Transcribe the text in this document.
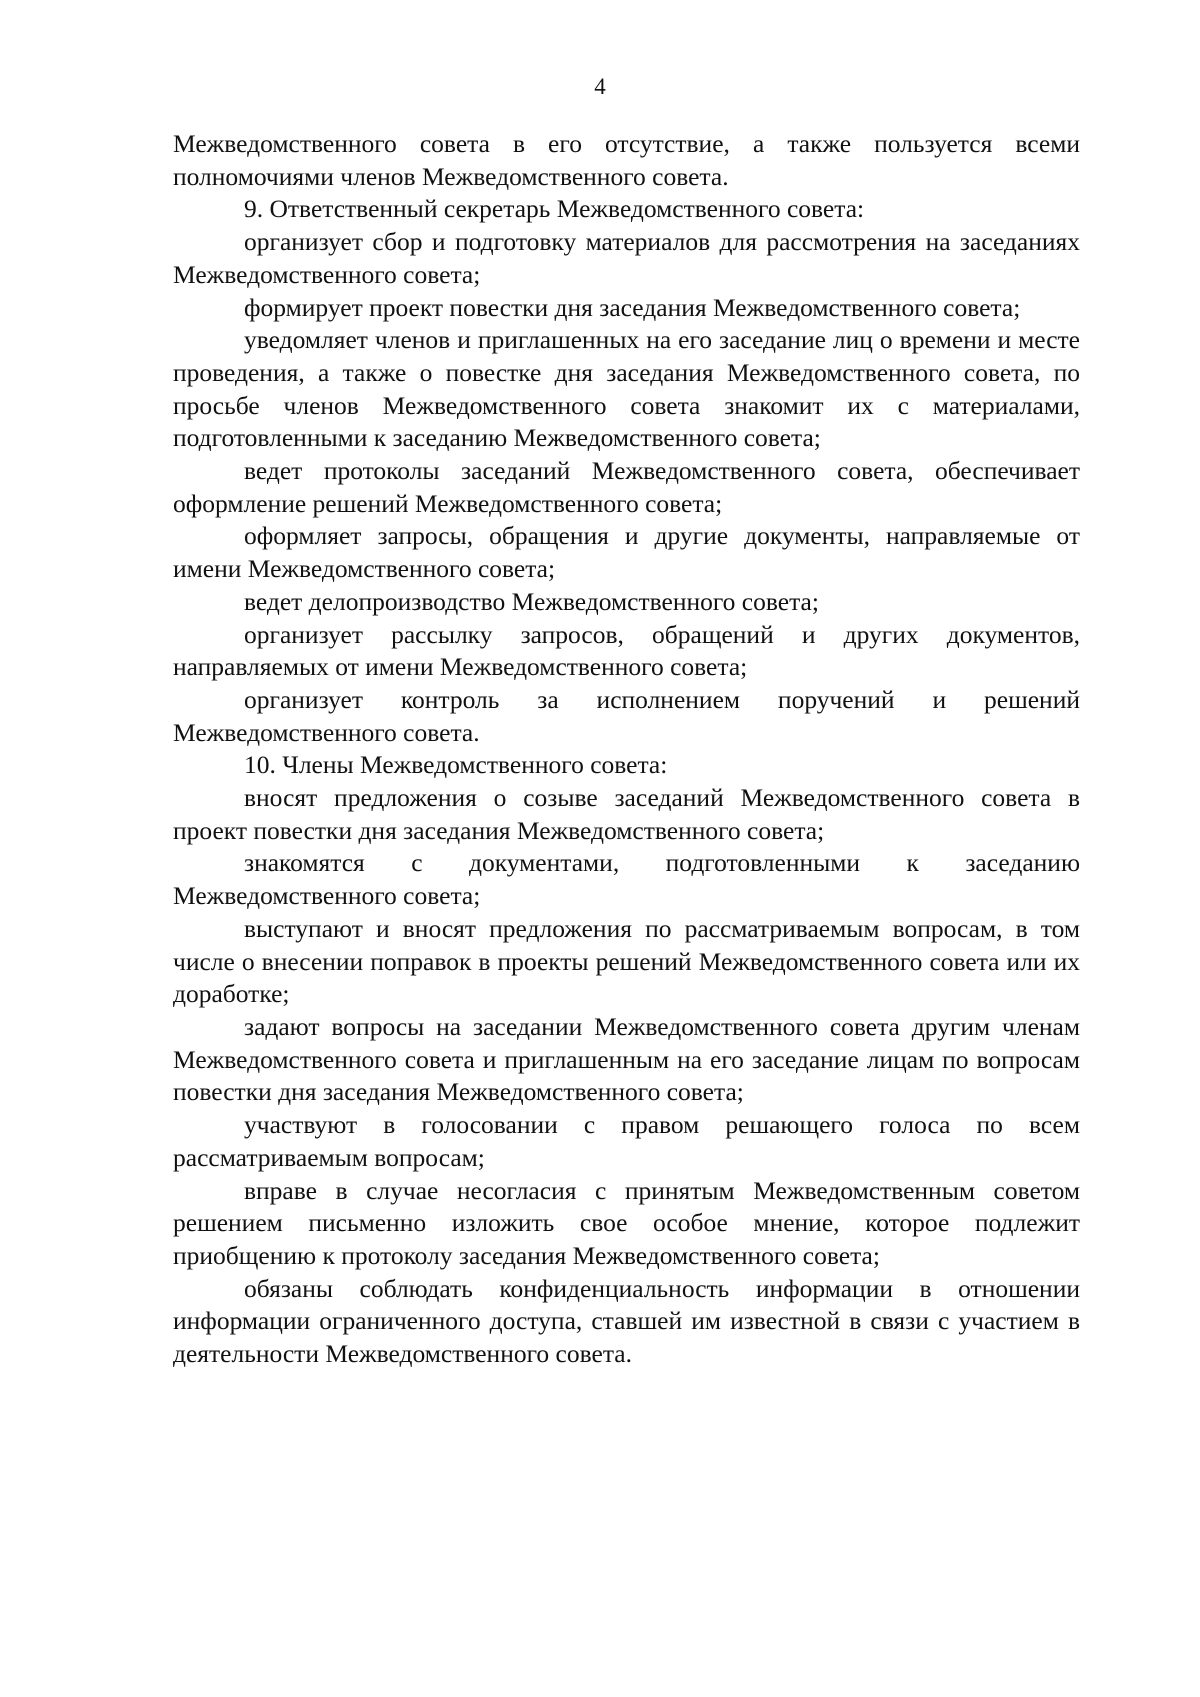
4

Межведомственного совета в его отсутствие, а также пользуется всеми полномочиями членов Межведомственного совета.

9. Ответственный секретарь Межведомственного совета:

организует сбор и подготовку материалов для рассмотрения на заседаниях Межведомственного совета;

формирует проект повестки дня заседания Межведомственного совета;

уведомляет членов и приглашенных на его заседание лиц о времени и месте проведения, а также о повестке дня заседания Межведомственного совета, по просьбе членов Межведомственного совета знакомит их с материалами, подготовленными к заседанию Межведомственного совета;

ведет протоколы заседаний Межведомственного совета, обеспечивает оформление решений Межведомственного совета;

оформляет запросы, обращения и другие документы, направляемые от имени Межведомственного совета;

ведет делопроизводство Межведомственного совета;

организует рассылку запросов, обращений и других документов, направляемых от имени Межведомственного совета;

организует контроль за исполнением поручений и решений Межведомственного совета.

10. Члены Межведомственного совета:

вносят предложения о созыве заседаний Межведомственного совета в проект повестки дня заседания Межведомственного совета;

знакомятся с документами, подготовленными к заседанию Межведомственного совета;

выступают и вносят предложения по рассматриваемым вопросам, в том числе о внесении поправок в проекты решений Межведомственного совета или их доработке;

задают вопросы на заседании Межведомственного совета другим членам Межведомственного совета и приглашенным на его заседание лицам по вопросам повестки дня заседания Межведомственного совета;

участвуют в голосовании с правом решающего голоса по всем рассматриваемым вопросам;

вправе в случае несогласия с принятым Межведомственным советом решением письменно изложить свое особое мнение, которое подлежит приобщению к протоколу заседания Межведомственного совета;

обязаны соблюдать конфиденциальность информации в отношении информации ограниченного доступа, ставшей им известной в связи с участием в деятельности Межведомственного совета.
